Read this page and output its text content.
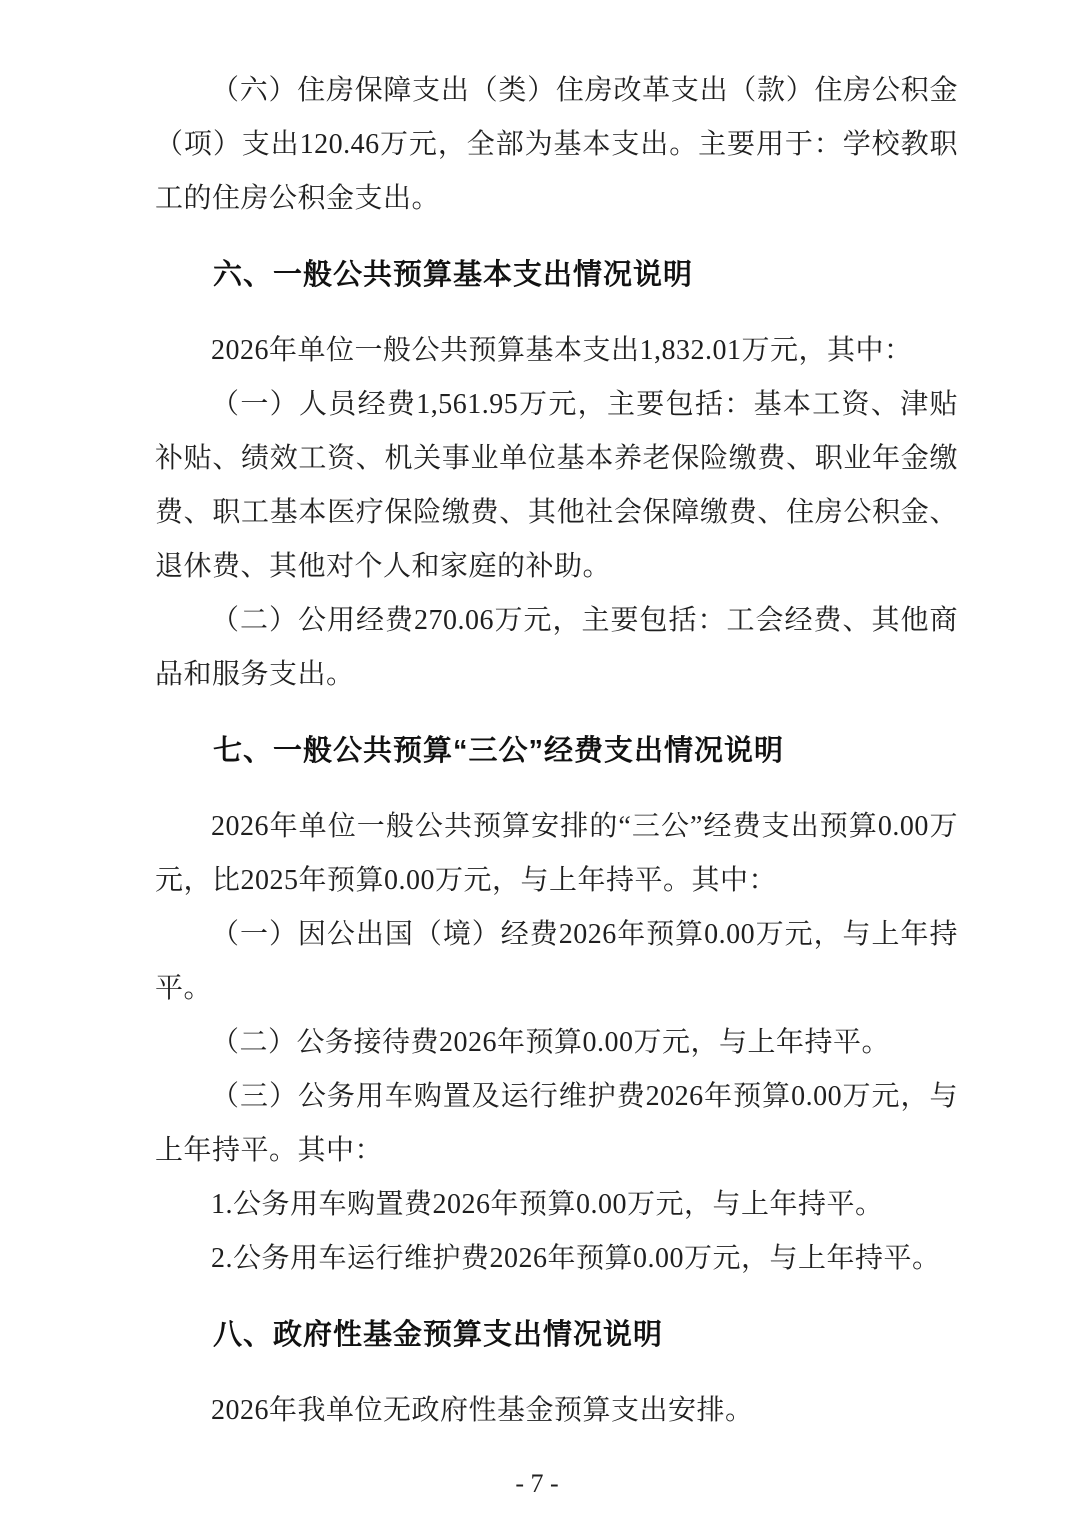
（六）住房保障支出（类）住房改革支出（款）住房公积金（项）支出120.46万元，全部为基本支出。主要用于：学校教职工的住房公积金支出。

六、一般公共预算基本支出情况说明

2026年单位一般公共预算基本支出1,832.01万元，其中：

（一）人员经费1,561.95万元，主要包括：基本工资、津贴补贴、绩效工资、机关事业单位基本养老保险缴费、职业年金缴费、职工基本医疗保险缴费、其他社会保障缴费、住房公积金、退休费、其他对个人和家庭的补助。

（二）公用经费270.06万元，主要包括：工会经费、其他商品和服务支出。

七、一般公共预算“三公”经费支出情况说明

2026年单位一般公共预算安排的“三公”经费支出预算0.00万元，比2025年预算0.00万元，与上年持平。其中：

（一）因公出国（境）经费2026年预算0.00万元，与上年持平。

（二）公务接待费2026年预算0.00万元，与上年持平。

（三）公务用车购置及运行维护费2026年预算0.00万元，与上年持平。其中：

1.公务用车购置费2026年预算0.00万元，与上年持平。

2.公务用车运行维护费2026年预算0.00万元，与上年持平。

八、政府性基金预算支出情况说明

2026年我单位无政府性基金预算支出安排。

- 7 -
